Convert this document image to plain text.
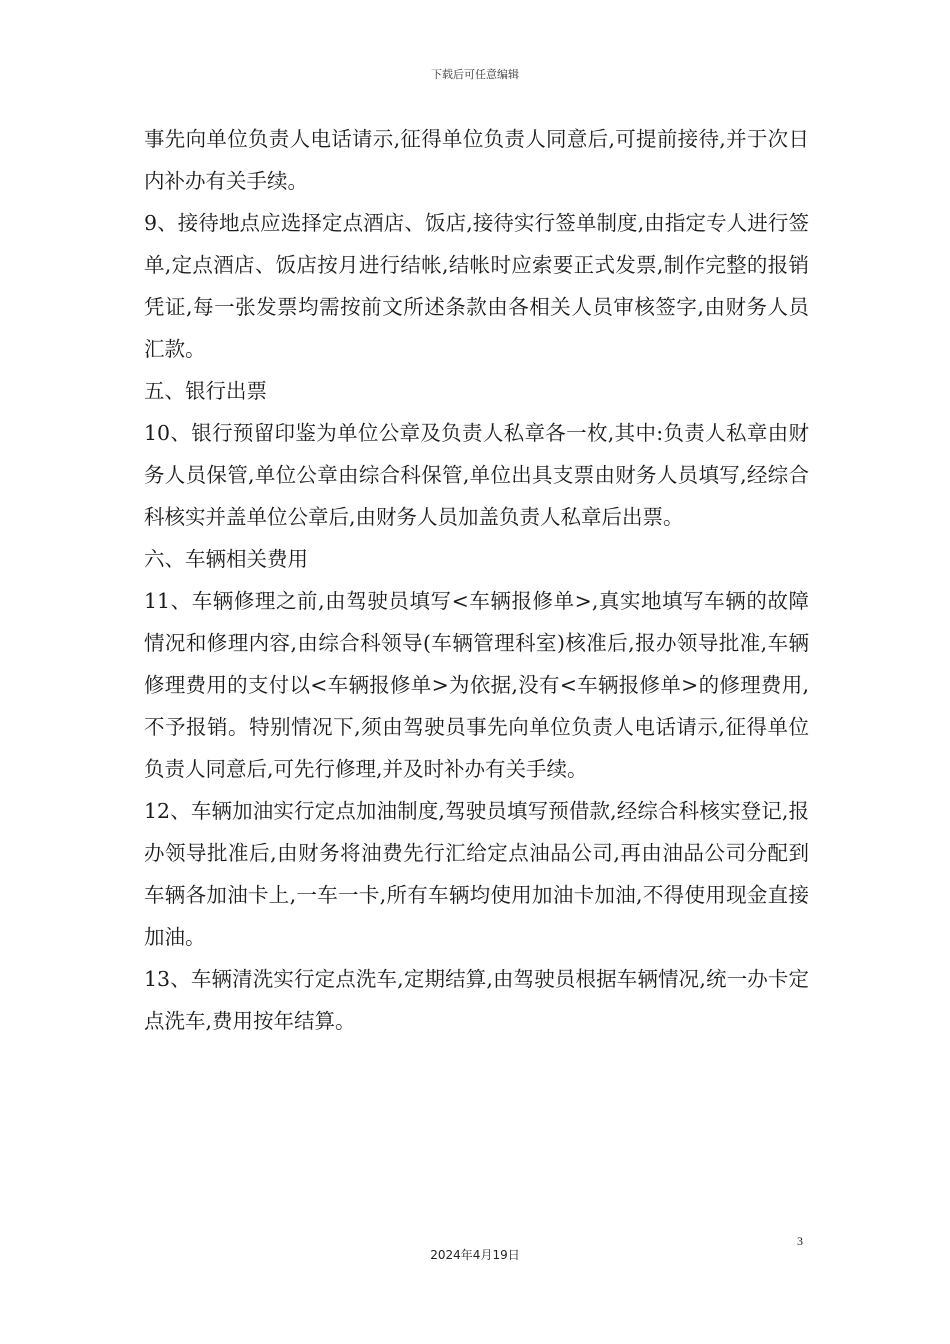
下载后可任意编辑

事先向单位负责人电话请示,征得单位负责人同意后,可提前接待,并于次日内补办有关手续。

9、接待地点应选择定点酒店、饭店,接待实行签单制度,由指定专人进行签单,定点酒店、饭店按月进行结帐,结帐时应索要正式发票,制作完整的报销凭证,每一张发票均需按前文所述条款由各相关人员审核签字,由财务人员汇款。

五、银行出票

10、银行预留印鉴为单位公章及负责人私章各一枚,其中:负责人私章由财务人员保管,单位公章由综合科保管,单位出具支票由财务人员填写,经综合科核实并盖单位公章后,由财务人员加盖负责人私章后出票。

六、车辆相关费用

11、车辆修理之前,由驾驶员填写<车辆报修单>,真实地填写车辆的故障情况和修理内容,由综合科领导(车辆管理科室)核准后,报办领导批准,车辆修理费用的支付以<车辆报修单>为依据,没有<车辆报修单>的修理费用,不予报销。特别情况下,须由驾驶员事先向单位负责人电话请示,征得单位负责人同意后,可先行修理,并及时补办有关手续。

12、车辆加油实行定点加油制度,驾驶员填写预借款,经综合科核实登记,报办领导批准后,由财务将油费先行汇给定点油品公司,再由油品公司分配到车辆各加油卡上,一车一卡,所有车辆均使用加油卡加油,不得使用现金直接加油。

13、车辆清洗实行定点洗车,定期结算,由驾驶员根据车辆情况,统一办卡定点洗车,费用按年结算。

3
2024年4月19日
